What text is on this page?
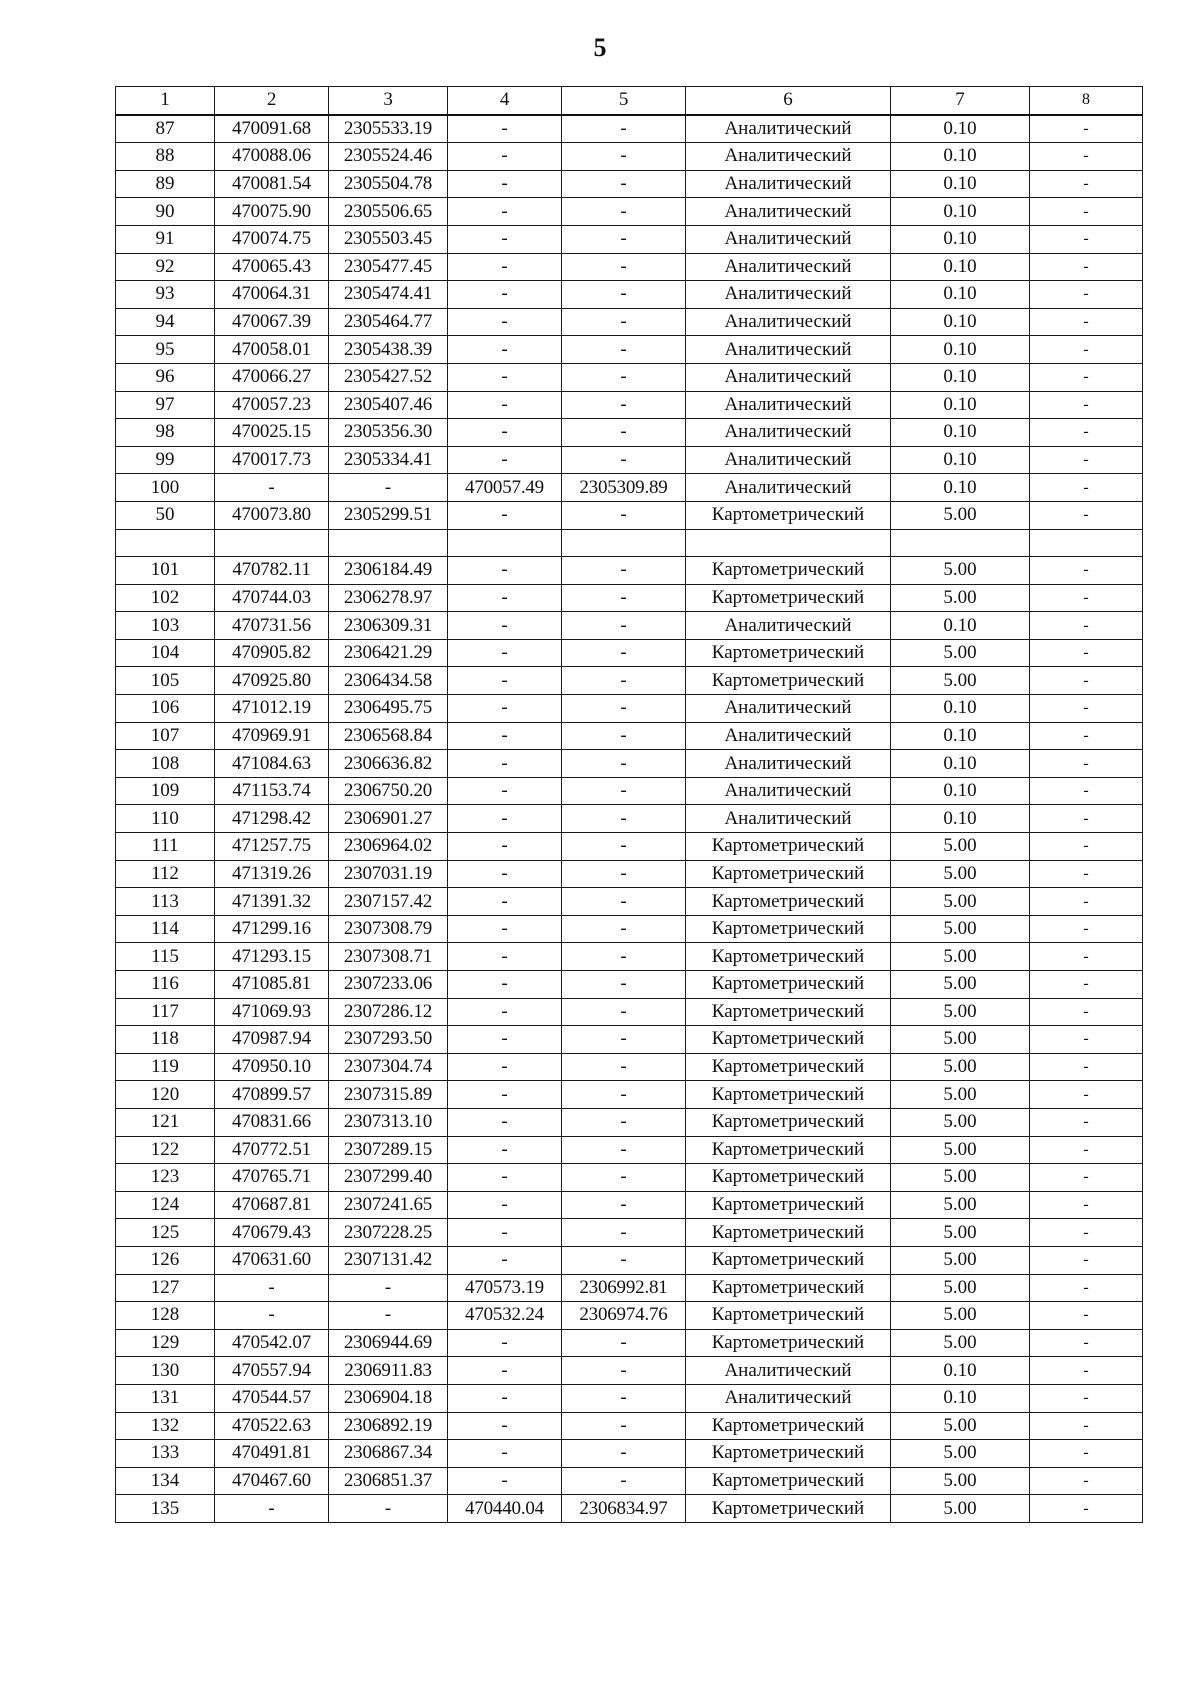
5
1	2	3	4	5	6	7	8
87	470091.68	2305533.19	-	-	Аналитический	0.10	-
88	470088.06	2305524.46	-	-	Аналитический	0.10	-
89	470081.54	2305504.78	-	-	Аналитический	0.10	-
90	470075.90	2305506.65	-	-	Аналитический	0.10	-
91	470074.75	2305503.45	-	-	Аналитический	0.10	-
92	470065.43	2305477.45	-	-	Аналитический	0.10	-
93	470064.31	2305474.41	-	-	Аналитический	0.10	-
94	470067.39	2305464.77	-	-	Аналитический	0.10	-
95	470058.01	2305438.39	-	-	Аналитический	0.10	-
96	470066.27	2305427.52	-	-	Аналитический	0.10	-
97	470057.23	2305407.46	-	-	Аналитический	0.10	-
98	470025.15	2305356.30	-	-	Аналитический	0.10	-
99	470017.73	2305334.41	-	-	Аналитический	0.10	-
100	-	-	470057.49	2305309.89	Аналитический	0.10	-
50	470073.80	2305299.51	-	-	Картометрический	5.00	-

101	470782.11	2306184.49	-	-	Картометрический	5.00	-
102	470744.03	2306278.97	-	-	Картометрический	5.00	-
103	470731.56	2306309.31	-	-	Аналитический	0.10	-
104	470905.82	2306421.29	-	-	Картометрический	5.00	-
105	470925.80	2306434.58	-	-	Картометрический	5.00	-
106	471012.19	2306495.75	-	-	Аналитический	0.10	-
107	470969.91	2306568.84	-	-	Аналитический	0.10	-
108	471084.63	2306636.82	-	-	Аналитический	0.10	-
109	471153.74	2306750.20	-	-	Аналитический	0.10	-
110	471298.42	2306901.27	-	-	Аналитический	0.10	-
111	471257.75	2306964.02	-	-	Картометрический	5.00	-
112	471319.26	2307031.19	-	-	Картометрический	5.00	-
113	471391.32	2307157.42	-	-	Картометрический	5.00	-
114	471299.16	2307308.79	-	-	Картометрический	5.00	-
115	471293.15	2307308.71	-	-	Картометрический	5.00	-
116	471085.81	2307233.06	-	-	Картометрический	5.00	-
117	471069.93	2307286.12	-	-	Картометрический	5.00	-
118	470987.94	2307293.50	-	-	Картометрический	5.00	-
119	470950.10	2307304.74	-	-	Картометрический	5.00	-
120	470899.57	2307315.89	-	-	Картометрический	5.00	-
121	470831.66	2307313.10	-	-	Картометрический	5.00	-
122	470772.51	2307289.15	-	-	Картометрический	5.00	-
123	470765.71	2307299.40	-	-	Картометрический	5.00	-
124	470687.81	2307241.65	-	-	Картометрический	5.00	-
125	470679.43	2307228.25	-	-	Картометрический	5.00	-
126	470631.60	2307131.42	-	-	Картометрический	5.00	-
127	-	-	470573.19	2306992.81	Картометрический	5.00	-
128	-	-	470532.24	2306974.76	Картометрический	5.00	-
129	470542.07	2306944.69	-	-	Картометрический	5.00	-
130	470557.94	2306911.83	-	-	Аналитический	0.10	-
131	470544.57	2306904.18	-	-	Аналитический	0.10	-
132	470522.63	2306892.19	-	-	Картометрический	5.00	-
133	470491.81	2306867.34	-	-	Картометрический	5.00	-
134	470467.60	2306851.37	-	-	Картометрический	5.00	-
135	-	-	470440.04	2306834.97	Картометрический	5.00	-
